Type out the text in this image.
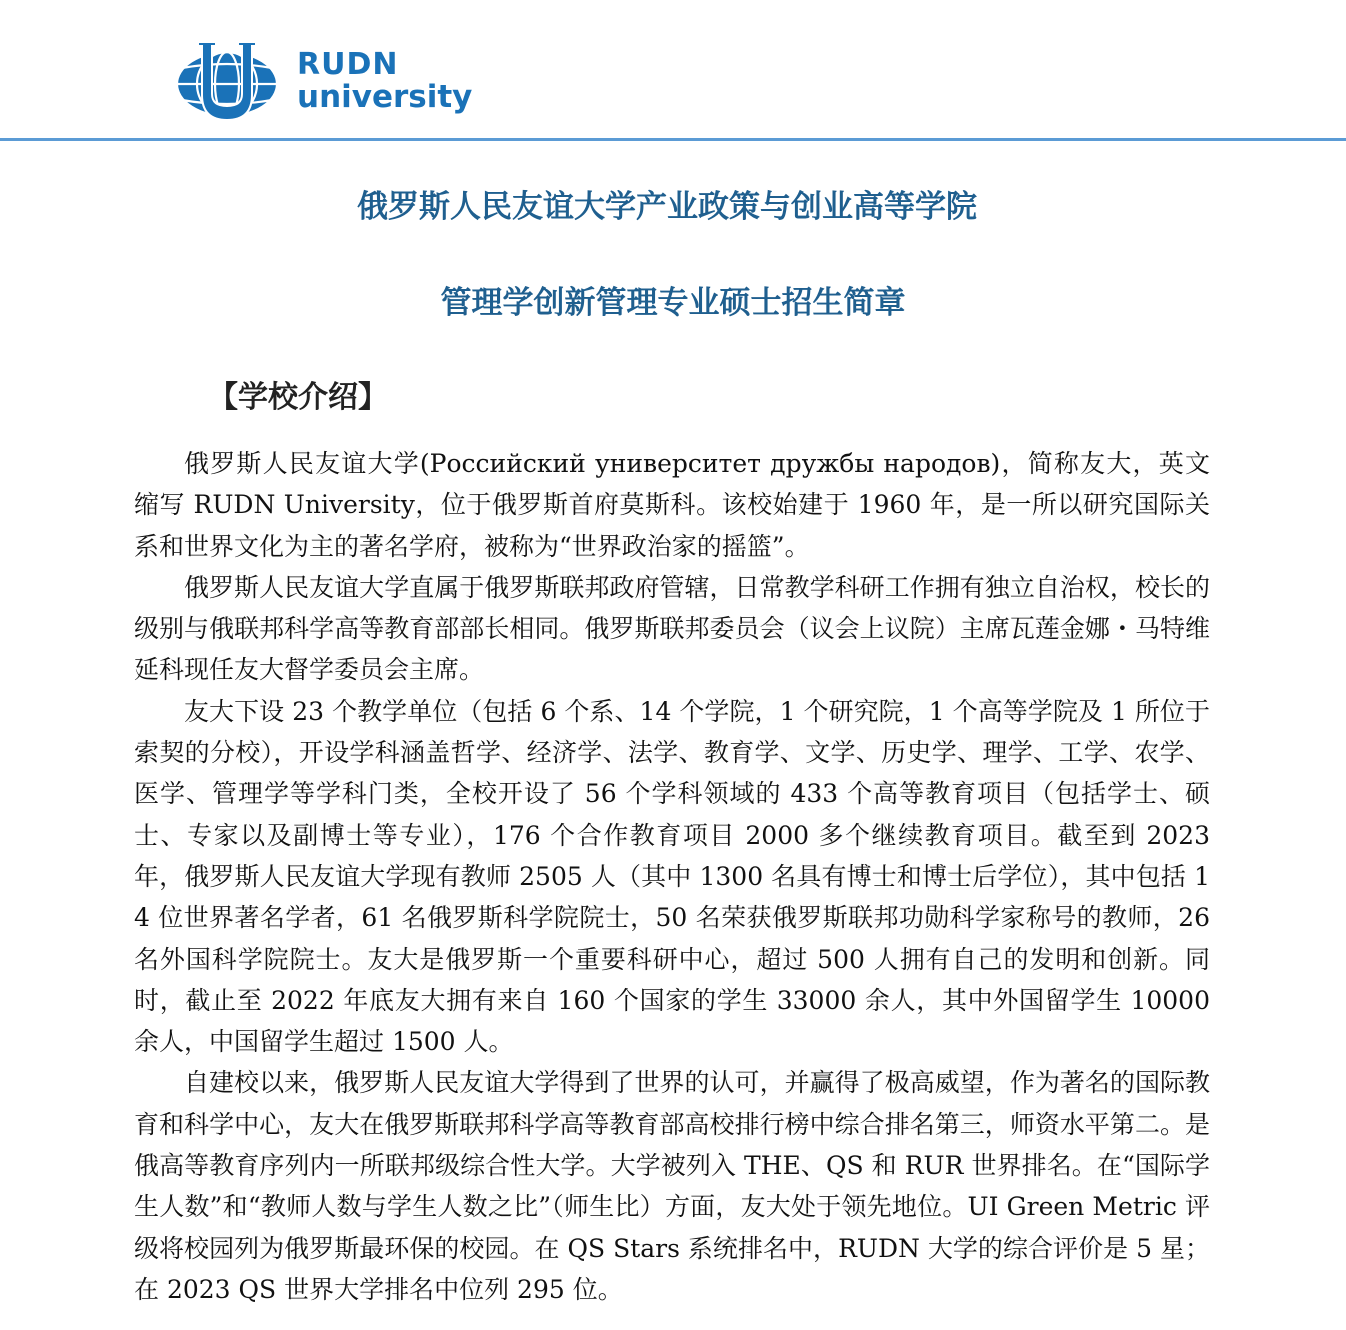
RUDN
university
俄罗斯人民友谊大学产业政策与创业高等学院
管理学创新管理专业硕士招生简章
【学校介绍】

俄罗斯人民友谊大学(Российский университет дружбы народов)，简称友大，英文缩写 RUDN University，位于俄罗斯首府莫斯科。该校始建于 1960 年，是一所以研究国际关系和世界文化为主的著名学府，被称为“世界政治家的摇篮”。

俄罗斯人民友谊大学直属于俄罗斯联邦政府管辖，日常教学科研工作拥有独立自治权，校长的级别与俄联邦科学高等教育部部长相同。俄罗斯联邦委员会（议会上议院）主席瓦莲金娜・马特维延科现任友大督学委员会主席。

友大下设 23 个教学单位（包括 6 个系、14 个学院，1 个研究院，1 个高等学院及 1 所位于索契的分校），开设学科涵盖哲学、经济学、法学、教育学、文学、历史学、理学、工学、农学、医学、管理学等学科门类，全校开设了 56 个学科领域的 433 个高等教育项目（包括学士、硕士、专家以及副博士等专业），176 个合作教育项目 2000 多个继续教育项目。截至到 2023 年，俄罗斯人民友谊大学现有教师 2505 人（其中 1300 名具有博士和博士后学位），其中包括 14 位世界著名学者，61 名俄罗斯科学院院士，50 名荣获俄罗斯联邦功勋科学家称号的教师，26 名外国科学院院士。友大是俄罗斯一个重要科研中心，超过 500 人拥有自己的发明和创新。同时，截止至 2022 年底友大拥有来自 160 个国家的学生 33000 余人，其中外国留学生 10000 余人，中国留学生超过 1500 人。

自建校以来，俄罗斯人民友谊大学得到了世界的认可，并赢得了极高威望，作为著名的国际教育和科学中心，友大在俄罗斯联邦科学高等教育部高校排行榜中综合排名第三，师资水平第二。是俄高等教育序列内一所联邦级综合性大学。大学被列入 THE、QS 和 RUR 世界排名。在“国际学生人数”和“教师人数与学生人数之比”（师生比）方面，友大处于领先地位。UI Green Metric 评级将校园列为俄罗斯最环保的校园。在 QS Stars 系统排名中，RUDN 大学的综合评价是 5 星；在 2023 QS 世界大学排名中位列 295 位。
